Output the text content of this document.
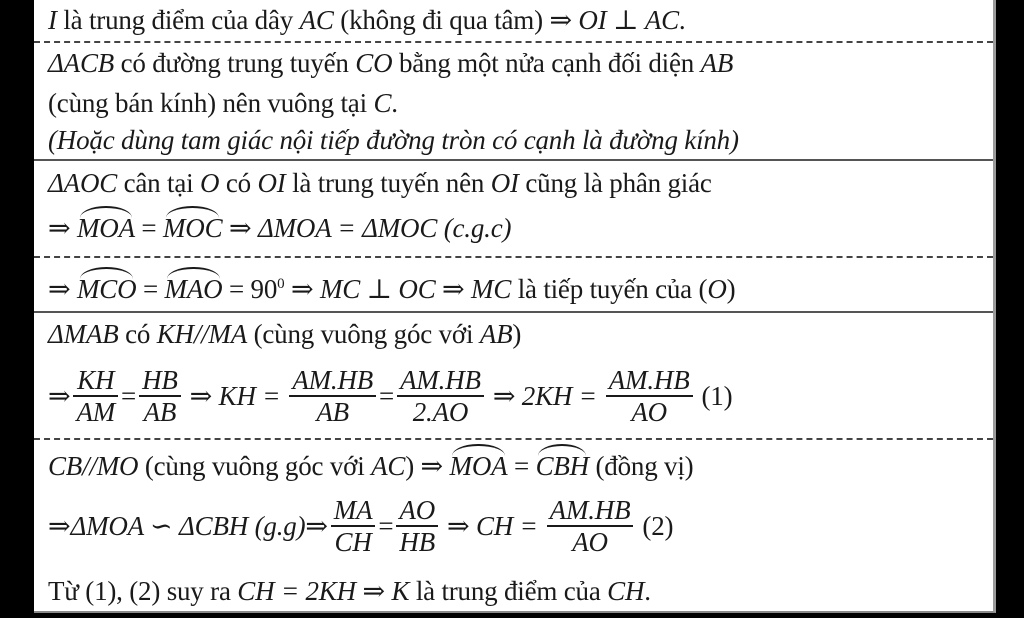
I là trung điểm của dây AC (không đi qua tâm) ⇒ OI ⊥ AC.
ΔACB có đường trung tuyến CO bằng một nửa cạnh đối diện AB
(cùng bán kính) nên vuông tại C.
(Hoặc dùng tam giác nội tiếp đường tròn có cạnh là đường kính)
ΔAOC cân tại O có OI là trung tuyến nên OI cũng là phân giác
⇒ MOA = MOC ⇒ ΔMOA = ΔMOC (c.g.c)
⇒ MCO = MAO = $90^0$ ⇒ MC ⊥ OC ⇒ MC là tiếp tuyến của (O)
ΔMAB có KH//MA (cùng vuông góc với AB)
⇒ $\frac{KH}{AM} = \frac{HB}{AB}$ ⇒ KH = $\frac{AM.HB}{AB} = \frac{AM.HB}{2.AO}$ ⇒ $2KH = \frac{AM.HB}{AO} (1)$
CB//MO (cùng vuông góc với AC) ⇒ MOA = CBH (đồng vị)
⇒ ΔMOA ∽ ΔCBH
(g.g) ⇒ $\frac{MA}{CH} = \frac{AO}{HB}$ ⇒ CH = $\frac{AM.HB}{AO} (2)$
Từ (1), (2) suy ra CH = 2KH ⇒ K là trung điểm của CH.
